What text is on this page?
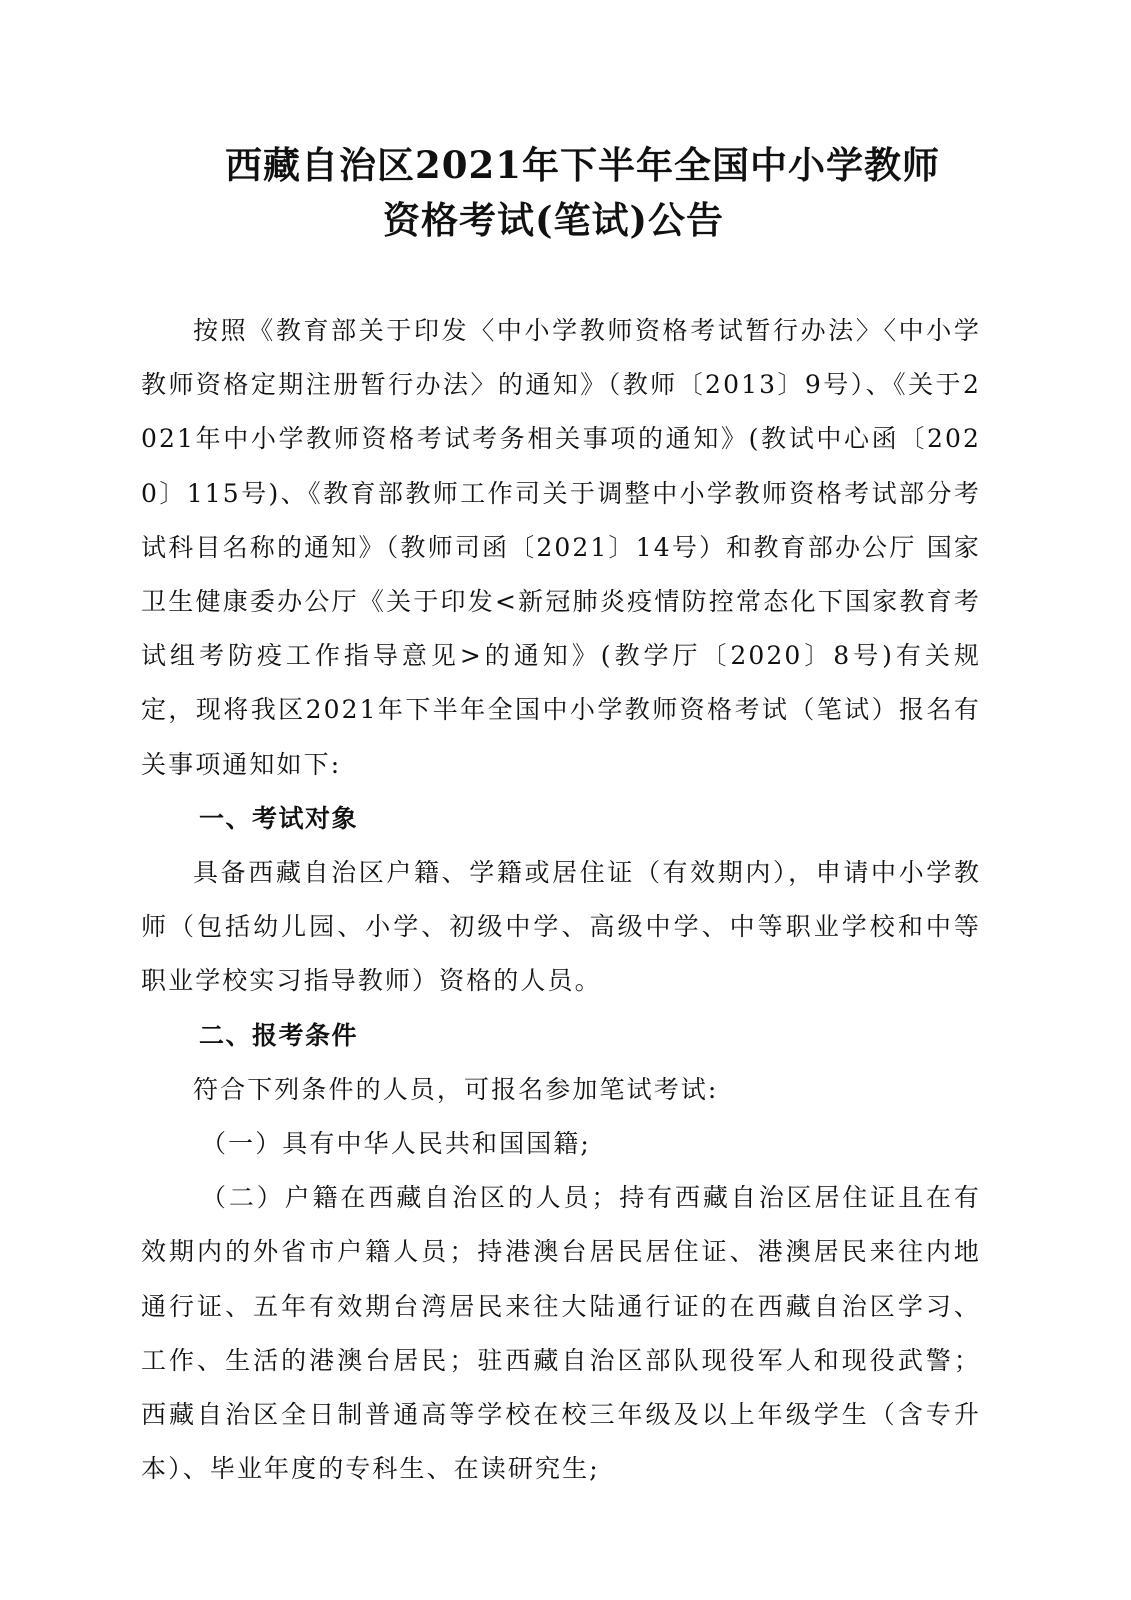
西藏自治区2021年下半年全国中小学教师
资格考试(笔试)公告

按照《教育部关于印发〈中小学教师资格考试暂行办法〉〈中小学教师资格定期注册暂行办法〉的通知》（教师〔2013〕9号）、《关于2021年中小学教师资格考试考务相关事项的通知》(教试中心函〔2020〕115号)、《教育部教师工作司关于调整中小学教师资格考试部分考试科目名称的通知》（教师司函〔2021〕14号）和教育部办公厅 国家卫生健康委办公厅《关于印发<新冠肺炎疫情防控常态化下国家教育考试组考防疫工作指导意见>的通知》(教学厅〔2020〕8号)有关规定，现将我区2021年下半年全国中小学教师资格考试（笔试）报名有关事项通知如下:

一、考试对象

具备西藏自治区户籍、学籍或居住证（有效期内），申请中小学教师（包括幼儿园、小学、初级中学、高级中学、中等职业学校和中等职业学校实习指导教师）资格的人员。

二、报考条件

符合下列条件的人员，可报名参加笔试考试:

（一）具有中华人民共和国国籍;

（二）户籍在西藏自治区的人员；持有西藏自治区居住证且在有效期内的外省市户籍人员；持港澳台居民居住证、港澳居民来往内地通行证、五年有效期台湾居民来往大陆通行证的在西藏自治区学习、工作、生活的港澳台居民；驻西藏自治区部队现役军人和现役武警；西藏自治区全日制普通高等学校在校三年级及以上年级学生（含专升本）、毕业年度的专科生、在读研究生;
